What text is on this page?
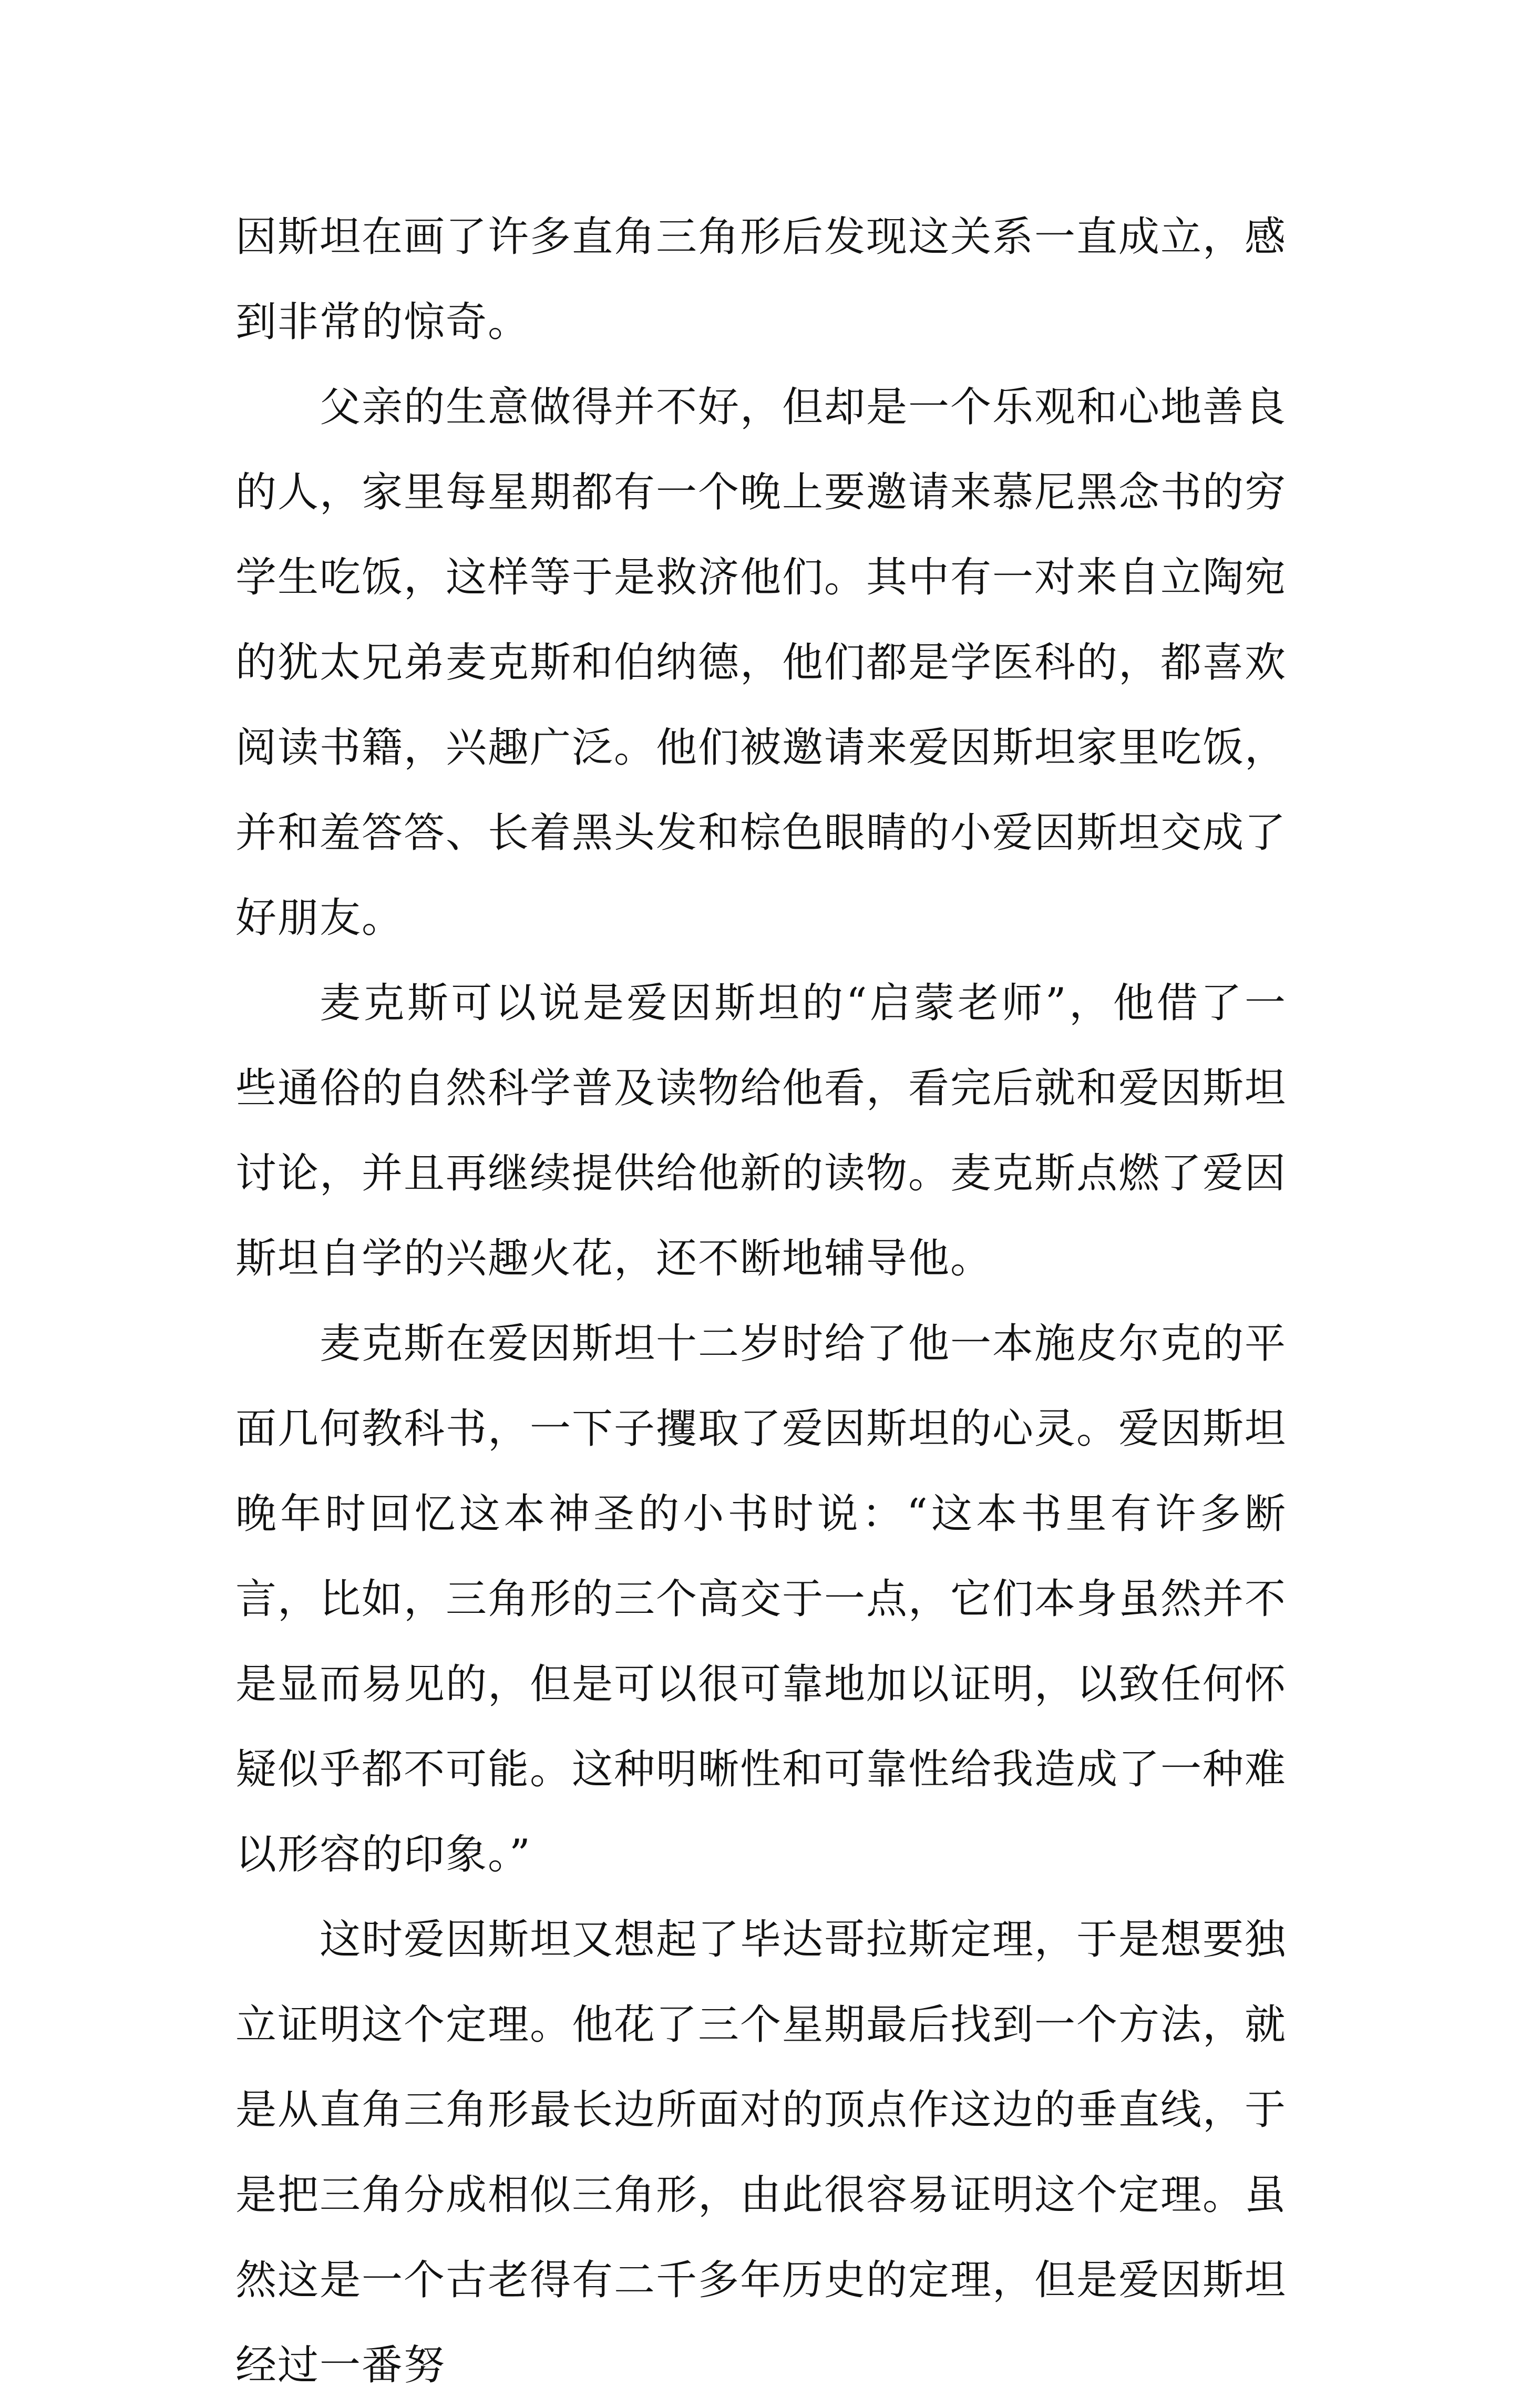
因斯坦在画了许多直角三角形后发现这关系一直成立，感到非常的惊奇。

父亲的生意做得并不好，但却是一个乐观和心地善良的人，家里每星期都有一个晚上要邀请来慕尼黑念书的穷学生吃饭，这样等于是救济他们。其中有一对来自立陶宛的犹太兄弟麦克斯和伯纳德，他们都是学医科的，都喜欢阅读书籍，兴趣广泛。他们被邀请来爱因斯坦家里吃饭，并和羞答答、长着黑头发和棕色眼睛的小爱因斯坦交成了好朋友。

麦克斯可以说是爱因斯坦的“启蒙老师”，他借了一些通俗的自然科学普及读物给他看，看完后就和爱因斯坦讨论，并且再继续提供给他新的读物。麦克斯点燃了爱因斯坦自学的兴趣火花，还不断地辅导他。

麦克斯在爱因斯坦十二岁时给了他一本施皮尔克的平面几何教科书，一下子攫取了爱因斯坦的心灵。爱因斯坦晚年时回忆这本神圣的小书时说：“这本书里有许多断言，比如，三角形的三个高交于一点，它们本身虽然并不是显而易见的，但是可以很可靠地加以证明，以致任何怀疑似乎都不可能。这种明晰性和可靠性给我造成了一种难以形容的印象。”

这时爱因斯坦又想起了毕达哥拉斯定理，于是想要独立证明这个定理。他花了三个星期最后找到一个方法，就是从直角三角形最长边所面对的顶点作这边的垂直线，于是把三角分成相似三角形，由此很容易证明这个定理。虽然这是一个古老得有二千多年历史的定理，但是爱因斯坦经过一番努
